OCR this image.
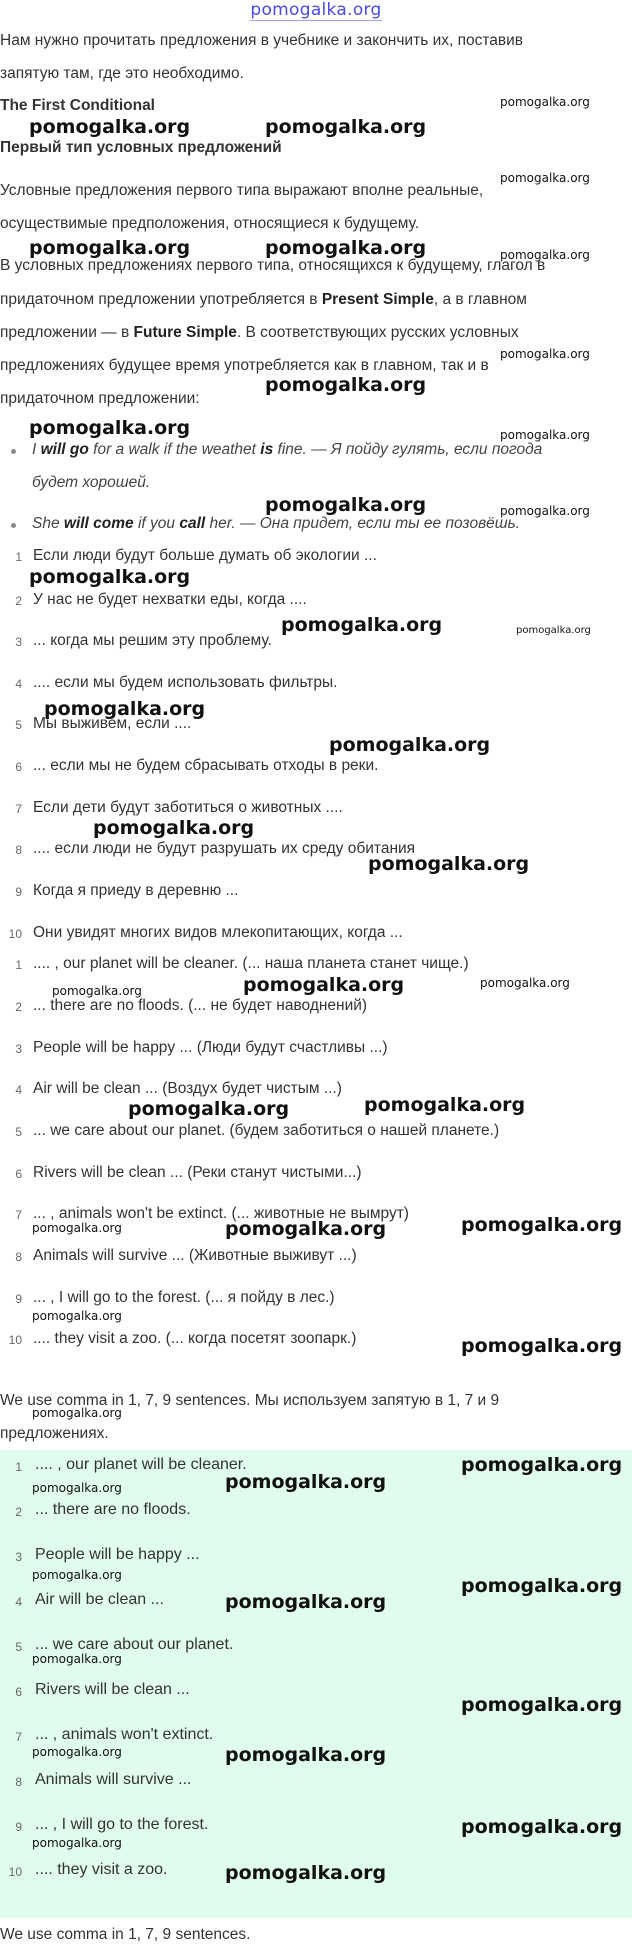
pomogalka.org
Нам нужно прочитать предложения в учебнике и закончить их, поставив
запятую там, где это необходимо.
The First Conditional
Первый тип условных предложений
Условные предложения первого типа выражают вполне реальные,
осуществимые предположения, относящиеся к будущему.
В условных предложениях первого типа, относящихся к будущему, глагол в
придаточном предложении употребляется в Present Simple, а в главном
предложении — в Future Simple. В соответствующих русских условных
предложениях будущее время употребляется как в главном, так и в
придаточном предложении:
I will go for a walk if the weathet is fine. — Я пойду гулять, если погода
будет хорошей.
She will come if you call her. — Она придет, если ты ее позовёшь.
1 Если люди будут больше думать об экологии ...
2 У нас не будет нехватки еды, когда ....
3 ... когда мы решим эту проблему.
4 .... если мы будем использовать фильтры.
5 Мы выживем, если ....
6 ... если мы не будем сбрасывать отходы в реки.
7 Если дети будут заботиться о животных ....
8 .... если люди не будут разрушать их среду обитания
9 Когда я приеду в деревню ...
10 Они увидят многих видов млекопитающих, когда ...
1 .... , our planet will be cleaner. (... наша планета станет чище.)
2 ... there are no floods. (... не будет наводнений)
3 People will be happy ... (Люди будут счастливы ...)
4 Air will be clean ... (Воздух будет чистым ...)
5 ... we care about our planet. (будем заботиться о нашей планете.)
6 Rivers will be clean ... (Реки станут чистыми...)
7 ... , animals won't be extinct. (... животные не вымрут)
8 Animals will survive ... (Животные выживут ...)
9 ... , I will go to the forest. (... я пойду в лес.)
10 .... they visit a zoo. (... когда посетят зоопарк.)
We use comma in 1, 7, 9 sentences. Мы используем запятую в 1, 7 и 9
предложениях.
1 .... , our planet will be cleaner.
2 ... there are no floods.
3 People will be happy ...
4 Air will be clean ...
5 ... we care about our planet.
6 Rivers will be clean ...
7 ... , animals won't extinct.
8 Animals will survive ...
9 ... , I will go to the forest.
10 .... they visit a zoo.
We use comma in 1, 7, 9 sentences.
pomogalka.org	pomogalka.org
pomogalka.org	pomogalka.org
pomogalka.org
pomogalka.org
pomogalka.org
pomogalka.org
pomogalka.org
pomogalka.org
pomogalka.org
pomogalka.org
pomogalka.org
pomogalka.org
pomogalka.org	pomogalka.org
pomogalka.org	pomogalka.org
pomogalka.org
pomogalka.org
pomogalka.org
pomogalka.org
pomogalka.org
pomogalka.org
pomogalka.org
pomogalka.org
pomogalka.org
pomogalka.org
pomogalka.org
pomogalka.org
pomogalka.org
pomogalka.org
pomogalka.org
pomogalka.org
pomogalka.org
pomogalka.org
pomogalka.org
pomogalka.org
pomogalka.org
pomogalka.org
pomogalka.org
pomogalka.org
pomogalka.org
pomogalka.org
